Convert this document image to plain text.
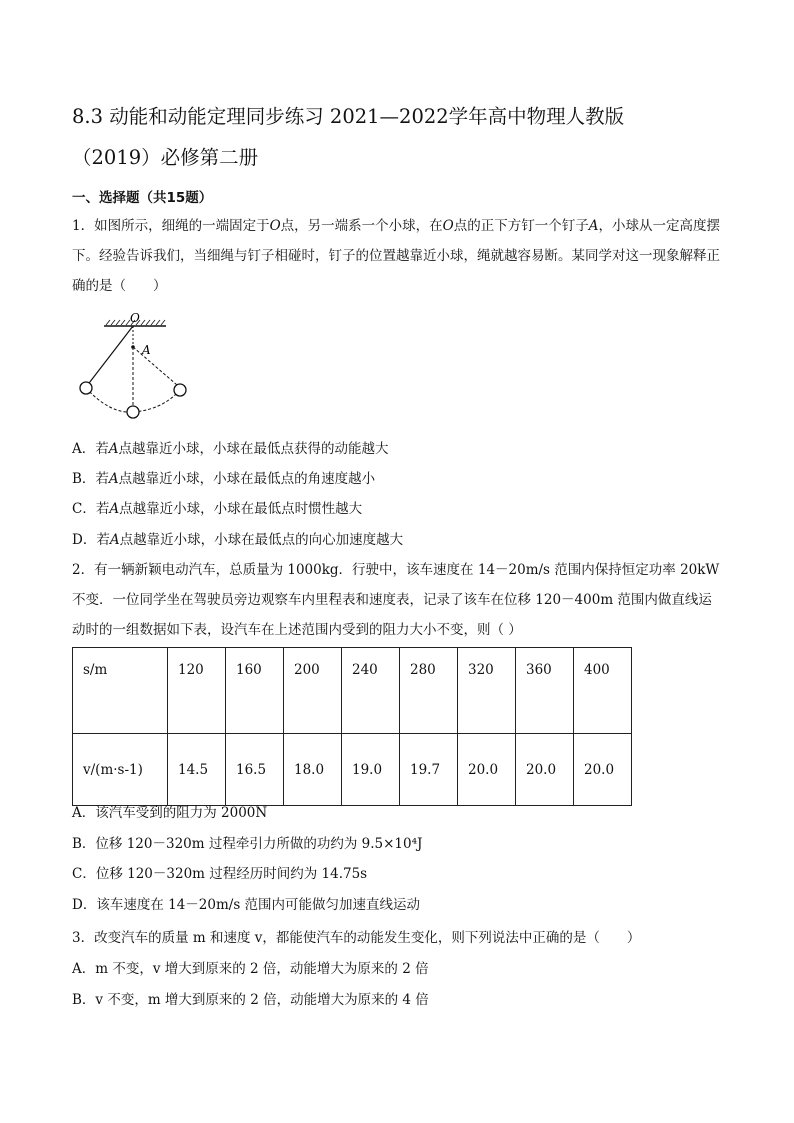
8.3 动能和动能定理同步练习 2021—2022学年高中物理人教版
（2019）必修第二册
一、选择题（共15题）
1．如图所示，细绳的一端固定于O点，另一端系一个小球，在O点的正下方钉一个钉子A，小球从一定高度摆下。经验告诉我们，当细绳与钉子相碰时，钉子的位置越靠近小球，绳就越容易断。某同学对这一现象解释正确的是（　　）
O
A
A．若A点越靠近小球，小球在最低点获得的动能越大
B．若A点越靠近小球，小球在最低点的角速度越小
C．若A点越靠近小球，小球在最低点时惯性越大
D．若A点越靠近小球，小球在最低点的向心加速度越大
2．有一辆新颖电动汽车，总质量为 1000kg．行驶中，该车速度在 14－20m/s 范围内保持恒定功率 20kW 不变．一位同学坐在驾驶员旁边观察车内里程表和速度表，记录了该车在位移 120－400m 范围内做直线运动时的一组数据如下表，设汽车在上述范围内受到的阻力大小不变，则（ ）
s/m	120	160	200	240	280	320	360	400
v/(m·s-1)	14.5	16.5	18.0	19.0	19.7	20.0	20.0	20.0
A．该汽车受到的阻力为 2000N
B．位移 120－320m 过程牵引力所做的功约为 9.5×10⁴J
C．位移 120－320m 过程经历时间约为 14.75s
D．该车速度在 14－20m/s 范围内可能做匀加速直线运动
3．改变汽车的质量 m 和速度 v，都能使汽车的动能发生变化，则下列说法中正确的是（　　）
A．m 不变，v 增大到原来的 2 倍，动能增大为原来的 2 倍
B．v 不变，m 增大到原来的 2 倍，动能增大为原来的 4 倍
